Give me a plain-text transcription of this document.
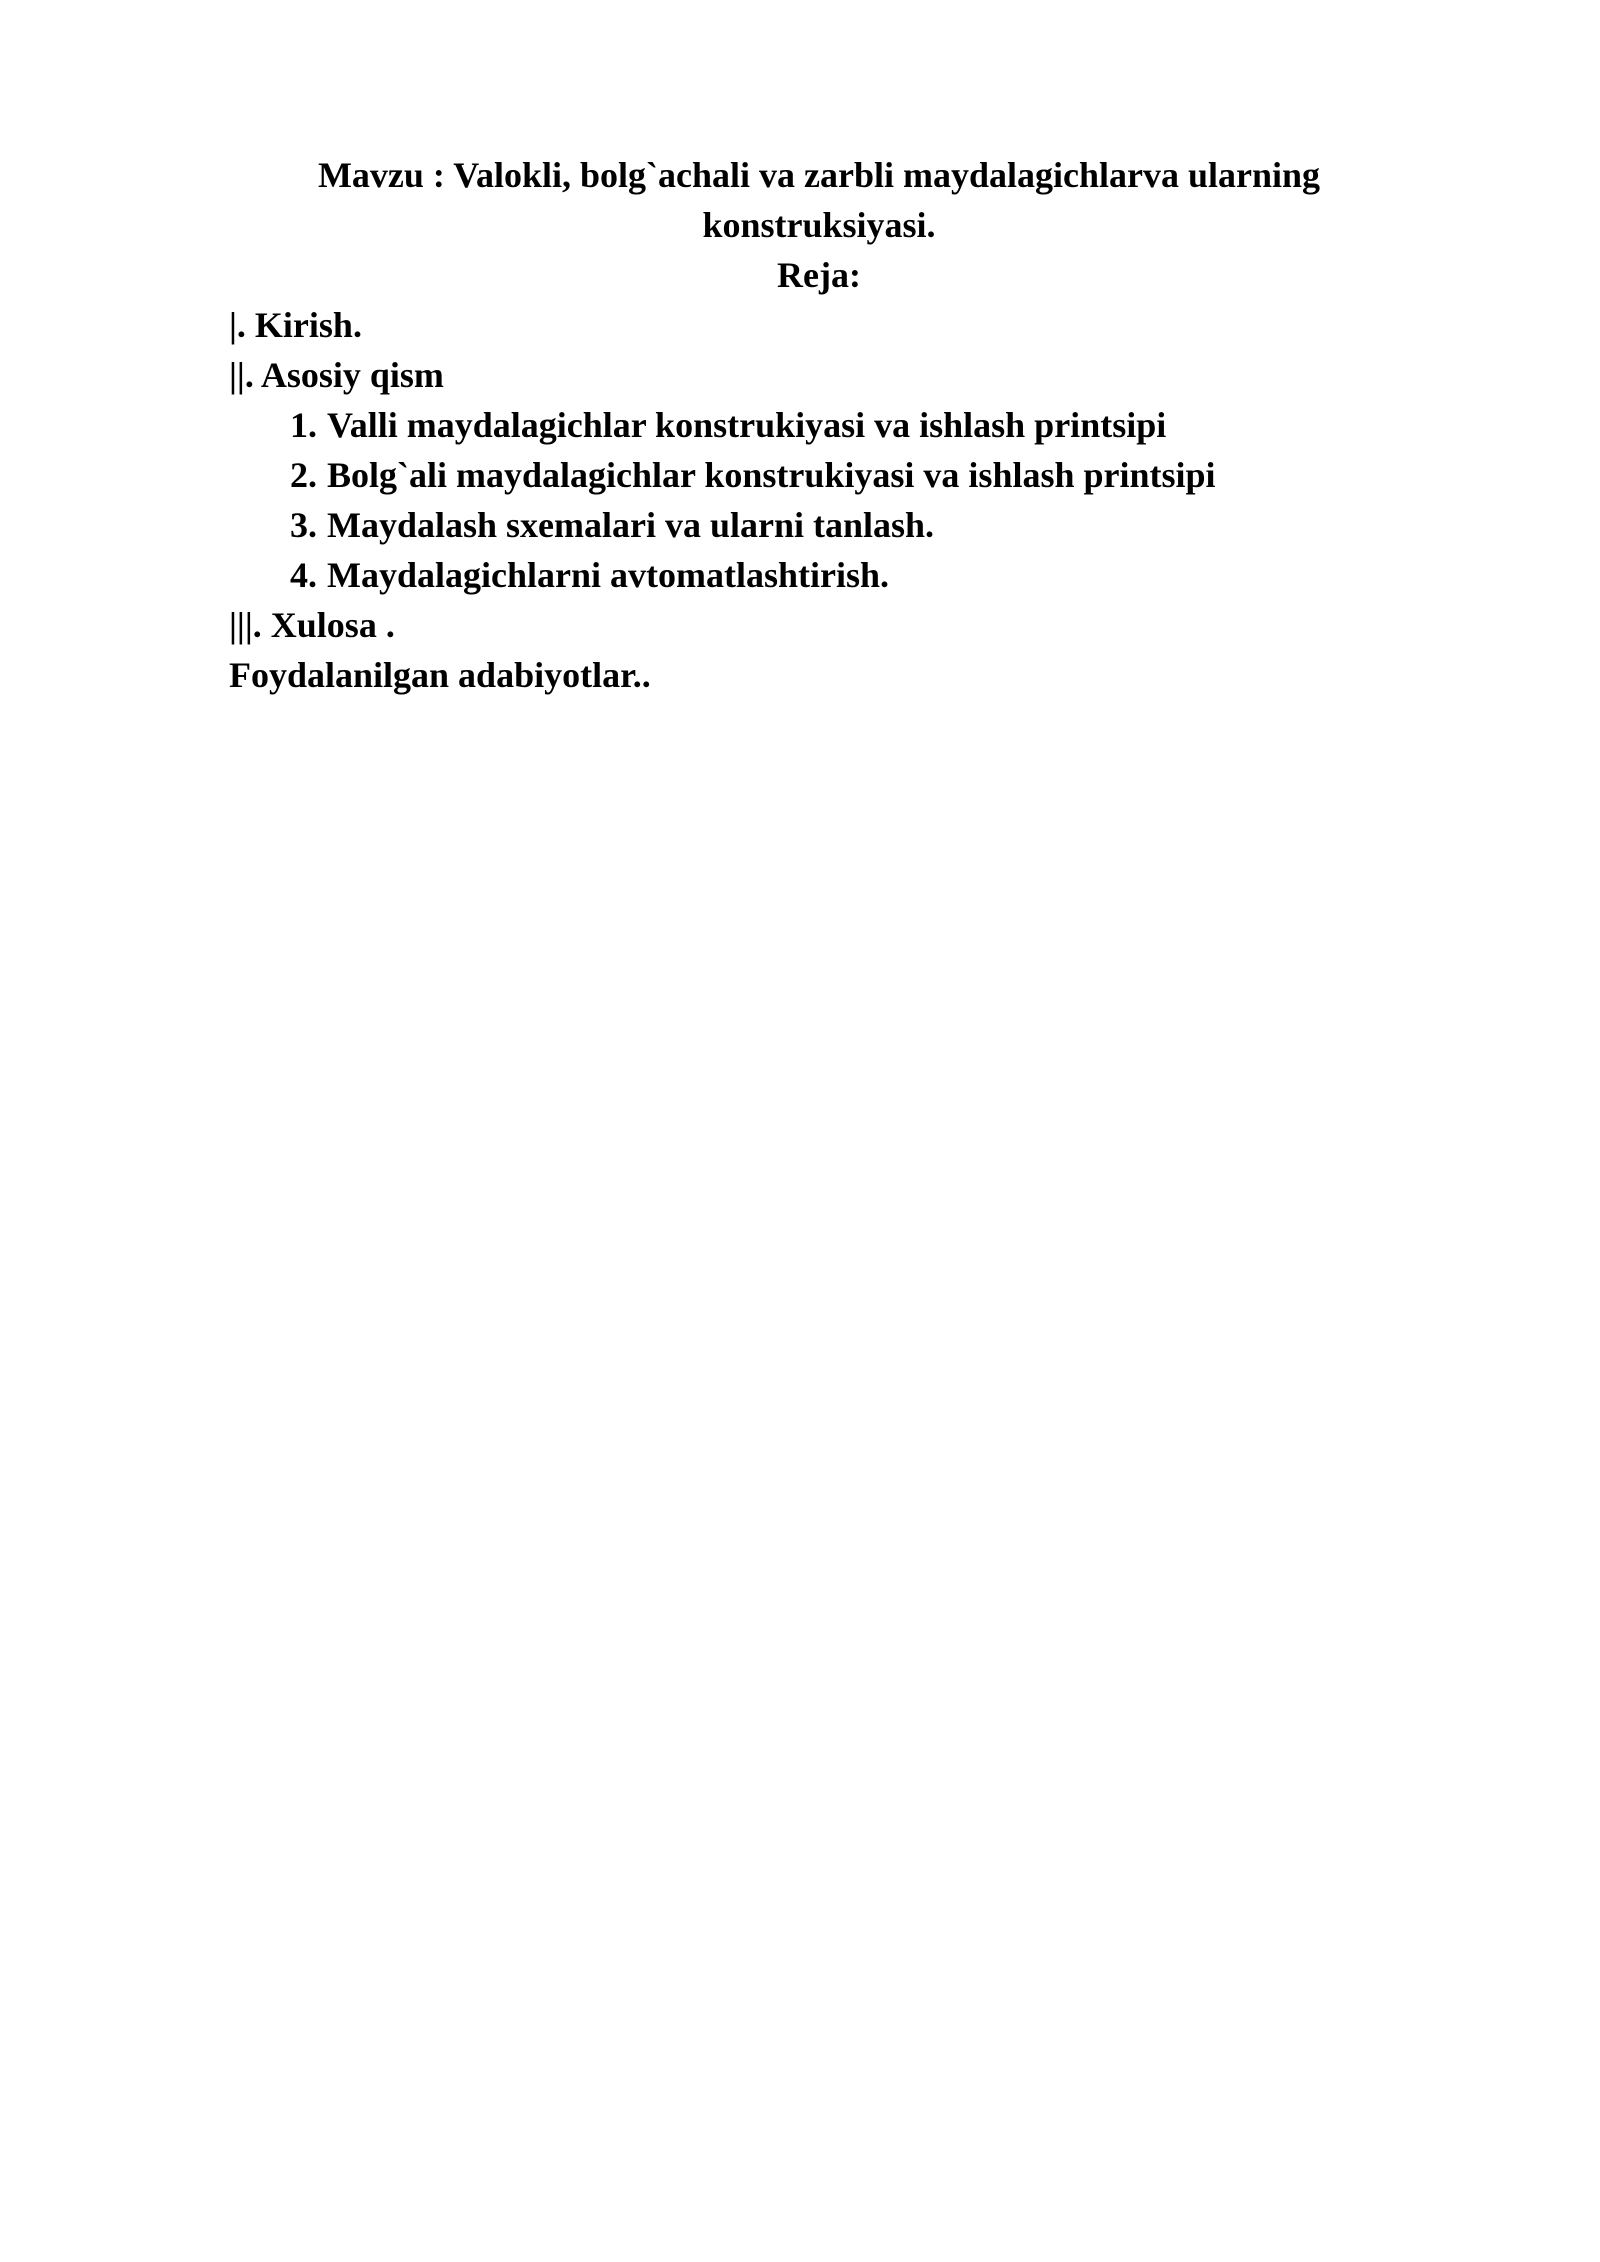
Mavzu : Valokli, bolg`achali va zarbli maydalagichlarva ularning konstruksiyasi.

Reja:

|. Kirish.

||. Asosiy qism

1. Valli maydalagichlar konstrukiyasi va ishlash printsipi
2. Bolg`ali maydalagichlar konstrukiyasi va ishlash printsipi
3. Maydalash sxemalari va ularni tanlash.
4. Maydalagichlarni avtomatlashtirish.

|||. Xulosa .

Foydalanilgan adabiyotlar..
